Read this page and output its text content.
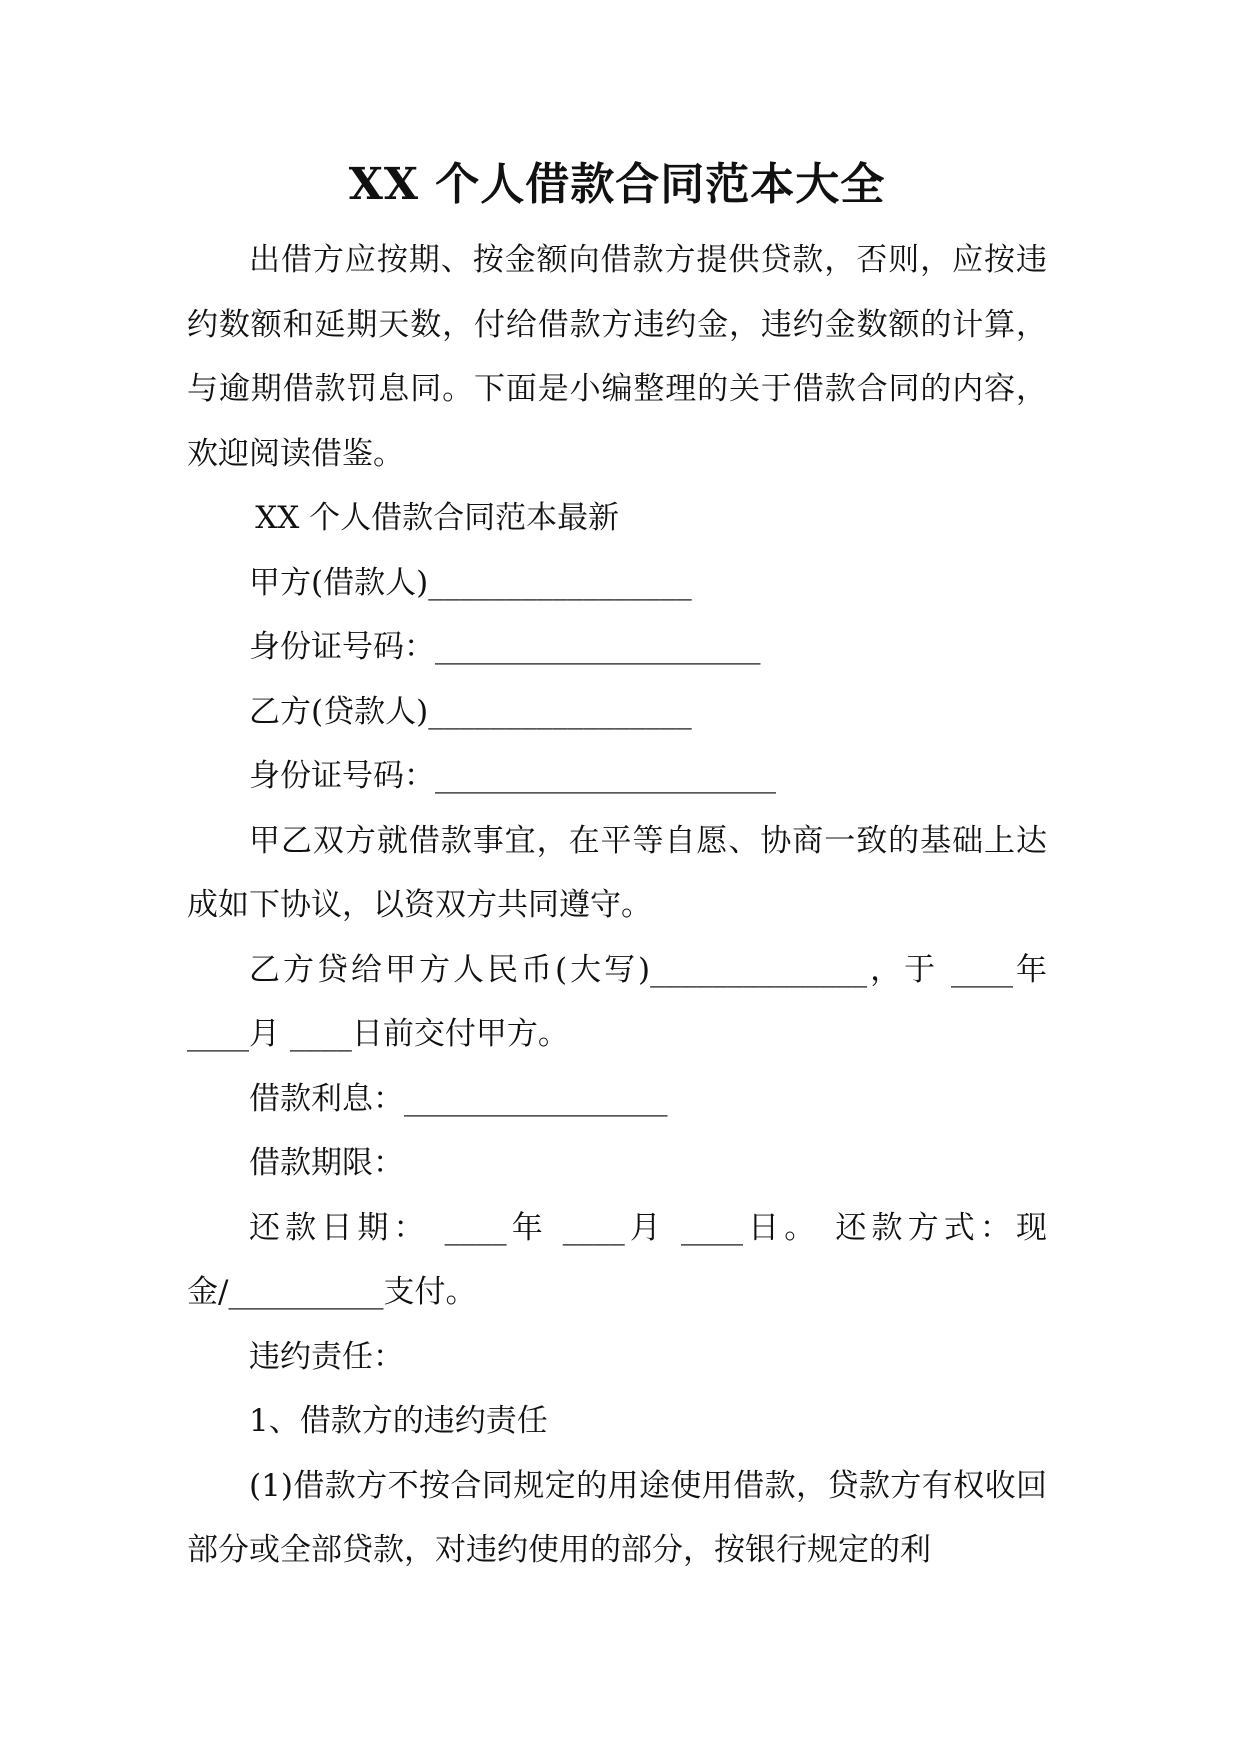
XX 个人借款合同范本大全

出借方应按期、按金额向借款方提供贷款，否则，应按违约数额和延期天数，付给借款方违约金，违约金数额的计算，与逾期借款罚息同。下面是小编整理的关于借款合同的内容，欢迎阅读借鉴。

XX 个人借款合同范本最新

甲方(借款人)_________________

身份证号码：_____________________

乙方(贷款人)_________________

身份证号码：______________________

甲乙双方就借款事宜，在平等自愿、协商一致的基础上达成如下协议，以资双方共同遵守。

乙方贷给甲方人民币(大写)______________，于 ____年 ____月 ____日前交付甲方。

借款利息：_________________

借款期限：

还款日期： ____年 ____月 ____日。 还款方式：现金/__________支付。

违约责任：

1、借款方的违约责任

(1)借款方不按合同规定的用途使用借款，贷款方有权收回部分或全部贷款，对违约使用的部分，按银行规定的利
